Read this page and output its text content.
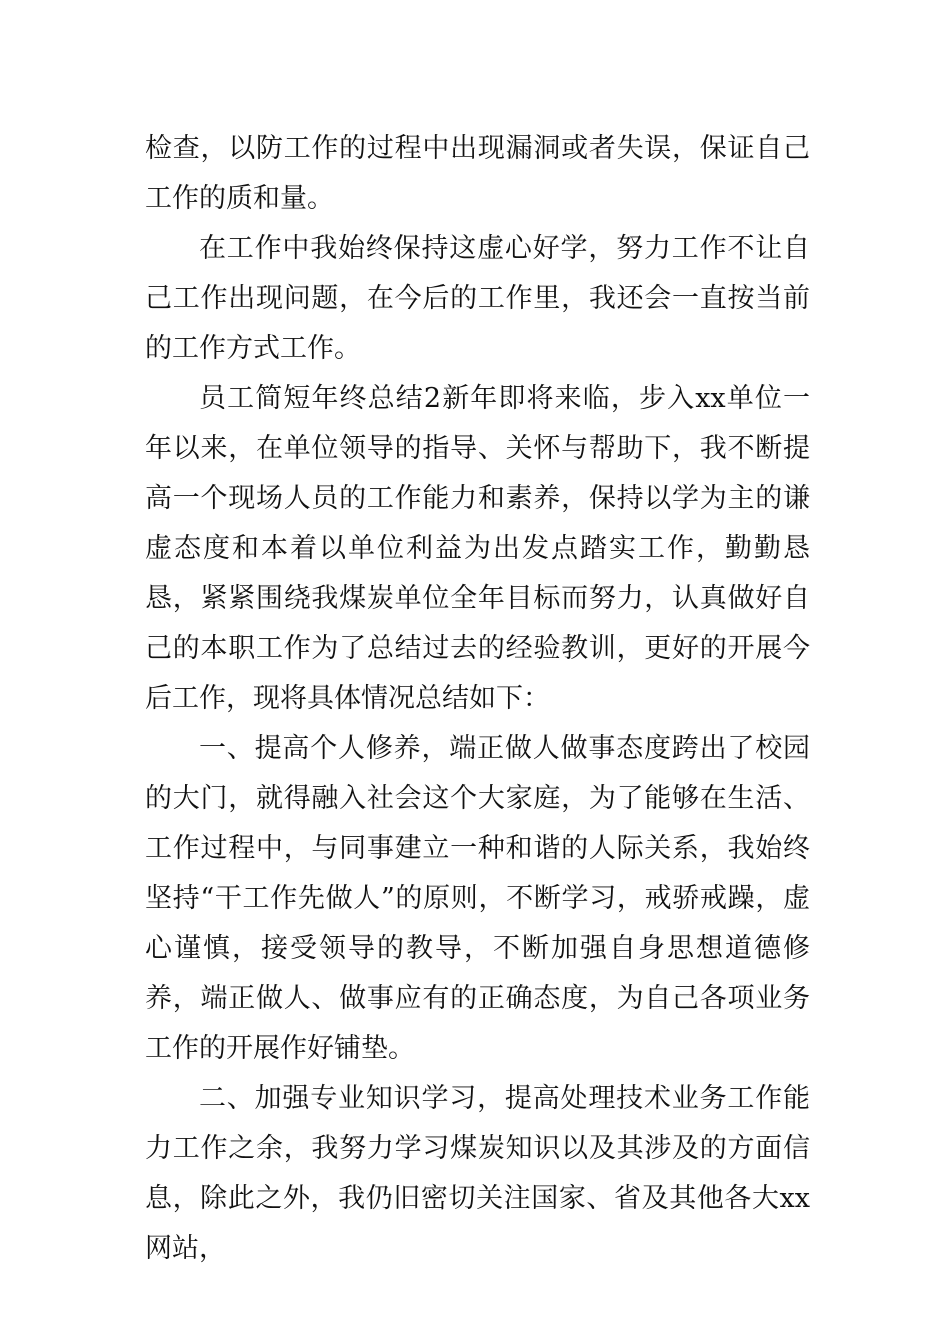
检查，以防工作的过程中出现漏洞或者失误，保证自己工作的质和量。

在工作中我始终保持这虚心好学，努力工作不让自己工作出现问题，在今后的工作里，我还会一直按当前的工作方式工作。

员工简短年终总结2新年即将来临，步入xx单位一年以来，在单位领导的指导、关怀与帮助下，我不断提高一个现场人员的工作能力和素养，保持以学为主的谦虚态度和本着以单位利益为出发点踏实工作，勤勤恳恳，紧紧围绕我煤炭单位全年目标而努力，认真做好自己的本职工作为了总结过去的经验教训，更好的开展今后工作，现将具体情况总结如下：

一、提高个人修养，端正做人做事态度跨出了校园的大门，就得融入社会这个大家庭，为了能够在生活、工作过程中，与同事建立一种和谐的人际关系，我始终坚持“干工作先做人”的原则，不断学习，戒骄戒躁，虚心谨慎，接受领导的教导，不断加强自身思想道德修养，端正做人、做事应有的正确态度，为自己各项业务工作的开展作好铺垫。

二、加强专业知识学习，提高处理技术业务工作能力工作之余，我努力学习煤炭知识以及其涉及的方面信息，除此之外，我仍旧密切关注国家、省及其他各大xx网站，
